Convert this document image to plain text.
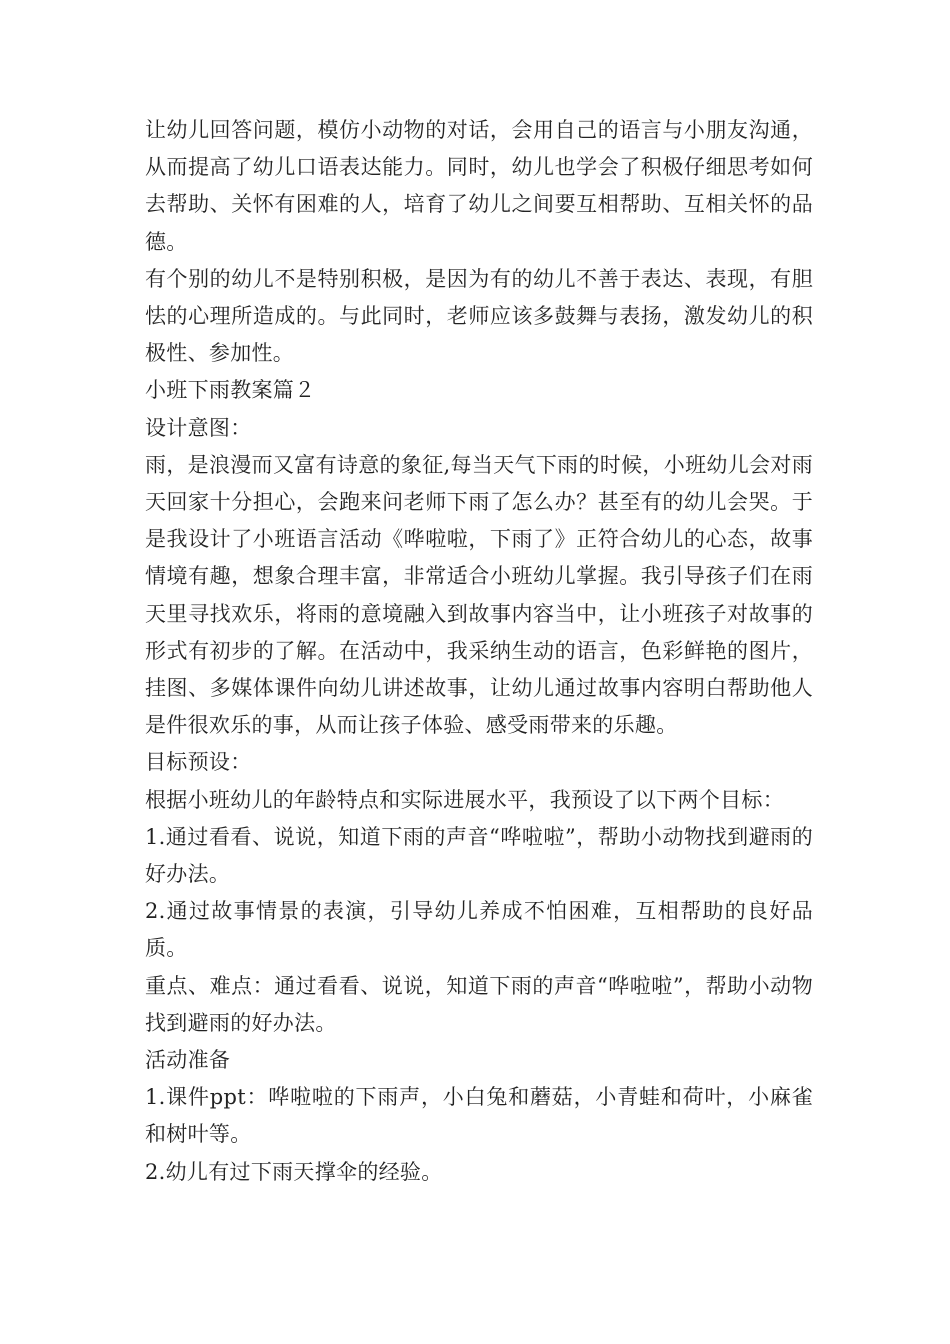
让幼儿回答问题，模仿小动物的对话，会用自己的语言与小朋友沟通，从而提高了幼儿口语表达能力。同时，幼儿也学会了积极仔细思考如何去帮助、关怀有困难的人，培育了幼儿之间要互相帮助、互相关怀的品德。

有个别的幼儿不是特别积极，是因为有的幼儿不善于表达、表现，有胆怯的心理所造成的。与此同时，老师应该多鼓舞与表扬，激发幼儿的积极性、参加性。

小班下雨教案篇２

设计意图：

雨，是浪漫而又富有诗意的象征,每当天气下雨的时候，小班幼儿会对雨天回家十分担心，会跑来问老师下雨了怎么办？甚至有的幼儿会哭。于是我设计了小班语言活动《哗啦啦，下雨了》正符合幼儿的心态，故事情境有趣，想象合理丰富，非常适合小班幼儿掌握。我引导孩子们在雨天里寻找欢乐，将雨的意境融入到故事内容当中，让小班孩子对故事的形式有初步的了解。在活动中，我采纳生动的语言，色彩鲜艳的图片，挂图、多媒体课件向幼儿讲述故事，让幼儿通过故事内容明白帮助他人是件很欢乐的事，从而让孩子体验、感受雨带来的乐趣。

目标预设：

根据小班幼儿的年龄特点和实际进展水平，我预设了以下两个目标：

1.通过看看、说说，知道下雨的声音“哗啦啦”，帮助小动物找到避雨的好办法。

2.通过故事情景的表演，引导幼儿养成不怕困难，互相帮助的良好品质。

重点、难点：通过看看、说说，知道下雨的声音“哗啦啦”，帮助小动物找到避雨的好办法。

活动准备

1.课件ppt：哗啦啦的下雨声，小白兔和蘑菇，小青蛙和荷叶，小麻雀和树叶等。

2.幼儿有过下雨天撑伞的经验。
